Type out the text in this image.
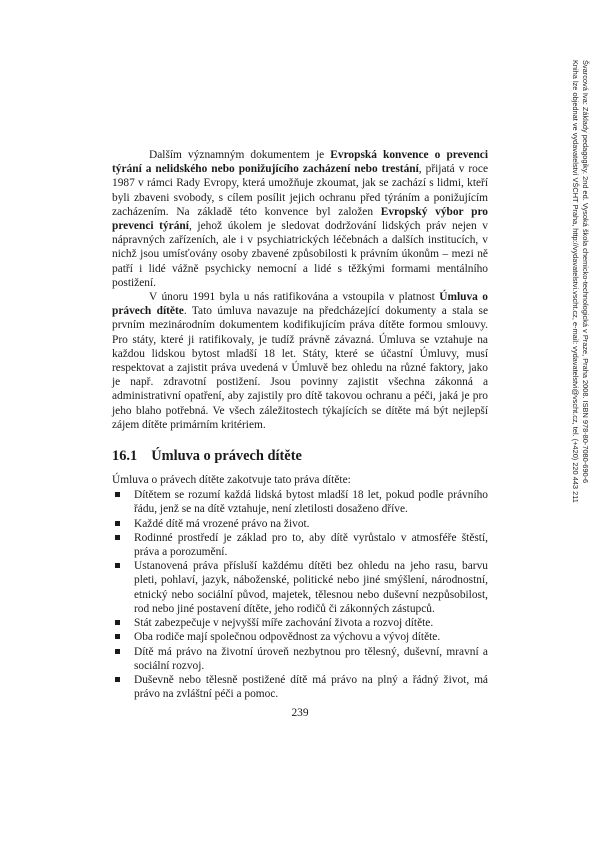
Švarcová Iva: Základy pedagogiky. 2nd ed. Vysoká škola chemicko-technologická v Praze, Praha 2008. ISBN 978-80-7080-690-6
Kniha lze objednat ve vydavatelství VŠCHT Praha, http://vydavatelstvi.vscht.cz, e-mail: vydavatelstvi@vscht.cz, tel. (+420) 220 443 211

Dalším významným dokumentem je Evropská konvence o prevenci týrání a nelidského nebo ponižujícího zacházení nebo trestání, přijatá v roce 1987 v rámci Rady Evropy, která umožňuje zkoumat, jak se zachází s lidmi, kteří byli zbaveni svobody, s cílem posílit jejich ochranu před týráním a ponižujícím zacházením. Na základě této konvence byl založen Evropský výbor pro prevenci týrání, jehož úkolem je sledovat dodržování lidských práv nejen v nápravných zařízeních, ale i v psychiatrických léčebnách a dalších institucích, v nichž jsou umísťovány osoby zbavené způsobilosti k právním úkonům – mezi ně patří i lidé vážně psychicky nemocní a lidé s těžkými formami mentálního postižení.

V únoru 1991 byla u nás ratifikována a vstoupila v platnost Úmluva o právech dítěte. Tato úmluva navazuje na předcházející dokumenty a stala se prvním mezinárodním dokumentem kodifikujícím práva dítěte formou smlouvy. Pro státy, které ji ratifikovaly, je tudíž právně závazná. Úmluva se vztahuje na každou lidskou bytost mladší 18 let. Státy, které se účastní Úmluvy, musí respektovat a zajistit práva uvedená v Úmluvě bez ohledu na různé faktory, jako je např. zdravotní postižení. Jsou povinny zajistit všechna zákonná a administrativní opatření, aby zajistily pro dítě takovou ochranu a péči, jaká je pro jeho blaho potřebná. Ve všech záležitostech týkajících se dítěte má být nejlepší zájem dítěte primárním kritériem.

16.1 Úmluva o právech dítěte

Úmluva o právech dítěte zakotvuje tato práva dítěte:

Dítětem se rozumí každá lidská bytost mladší 18 let, pokud podle právního řádu, jenž se na dítě vztahuje, není zletilosti dosaženo dříve.
Každé dítě má vrozené právo na život.
Rodinné prostředí je základ pro to, aby dítě vyrůstalo v atmosféře štěstí, práva a porozumění.
Ustanovená práva přísluší každému dítěti bez ohledu na jeho rasu, barvu pleti, pohlaví, jazyk, náboženské, politické nebo jiné smýšlení, národnostní, etnický nebo sociální původ, majetek, tělesnou nebo duševní nezpůsobilost, rod nebo jiné postavení dítěte, jeho rodičů či zákonných zástupců.
Stát zabezpečuje v nejvyšší míře zachování života a rozvoj dítěte.
Oba rodiče mají společnou odpovědnost za výchovu a vývoj dítěte.
Dítě má právo na životní úroveň nezbytnou pro tělesný, duševní, mravní a sociální rozvoj.
Duševně nebo tělesně postižené dítě má právo na plný a řádný život, má právo na zvláštní péči a pomoc.
239
